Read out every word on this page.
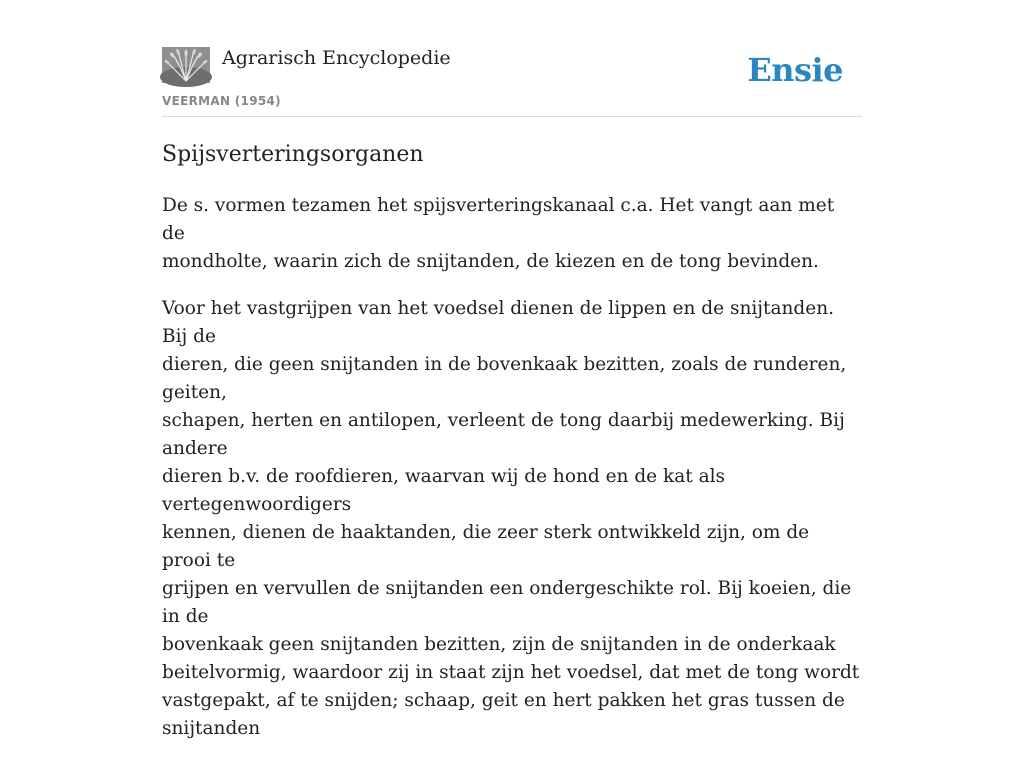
Agrarisch Encyclopedie
VEERMAN (1954)
Ensie
Spijsverteringsorganen

De s. vormen tezamen het spijsverteringskanaal c.a. Het vangt aan met de
mondholte, waarin zich de snijtanden, de kiezen en de tong bevinden.

Voor het vastgrijpen van het voedsel dienen de lippen en de snijtanden. Bij de
dieren, die geen snijtanden in de bovenkaak bezitten, zoals de runderen, geiten,
schapen, herten en antilopen, verleent de tong daarbij medewerking. Bij andere
dieren b.v. de roofdieren, waarvan wij de hond en de kat als vertegenwoordigers
kennen, dienen de haaktanden, die zeer sterk ontwikkeld zijn, om de prooi te
grijpen en vervullen de snijtanden een ondergeschikte rol. Bij koeien, die in de
bovenkaak geen snijtanden bezitten, zijn de snijtanden in de onderkaak
beitelvormig, waardoor zij in staat zijn het voedsel, dat met de tong wordt
vastgepakt, af te snijden; schaap, geit en hert pakken het gras tussen de snijtanden
